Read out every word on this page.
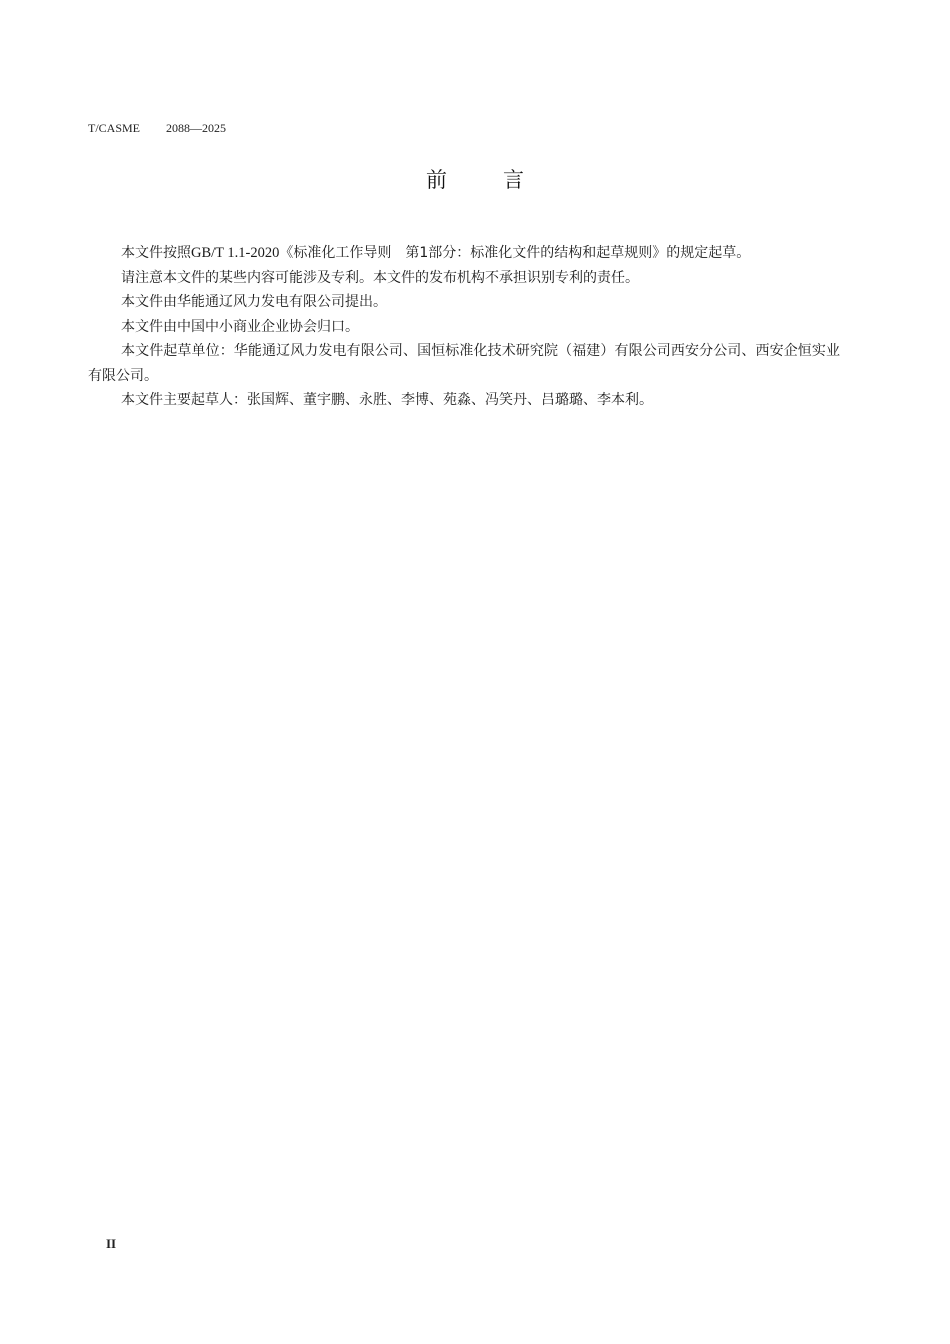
T/CASME 2088—2025
前	言

本文件按照GB/T 1.1-2020《标准化工作导则　第1部分：标准化文件的结构和起草规则》的规定起草。

请注意本文件的某些内容可能涉及专利。本文件的发布机构不承担识别专利的责任。

本文件由华能通辽风力发电有限公司提出。

本文件由中国中小商业企业协会归口。

本文件起草单位：华能通辽风力发电有限公司、国恒标准化技术研究院（福建）有限公司西安分公司、西安企恒实业有限公司。

本文件主要起草人：张国辉、董宇鹏、永胜、李博、苑淼、冯笑丹、吕璐璐、李本利。

II
